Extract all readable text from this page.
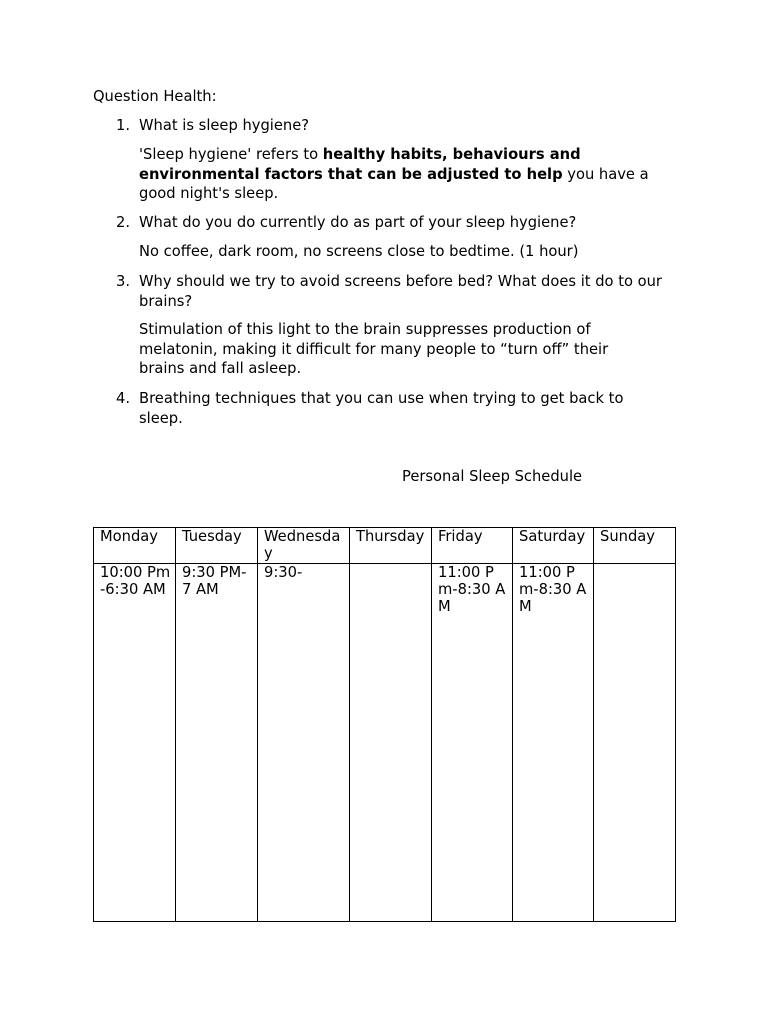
Question Health:
1. What is sleep hygiene?
'Sleep hygiene' refers to healthy habits, behaviours and environmental factors that can be adjusted to help you have a good night's sleep.
2. What do you do currently do as part of your sleep hygiene?
No coffee, dark room, no screens close to bedtime. (1 hour)
3. Why should we try to avoid screens before bed? What does it do to our brains?
Stimulation of this light to the brain suppresses production of melatonin, making it difficult for many people to “turn off” their brains and fall asleep.
4. Breathing techniques that you can use when trying to get back to sleep.
Personal Sleep Schedule
Monday	Tuesday	Wednesday	Thursday	Friday	Saturday	Sunday
10:00 Pm-6:30 AM	9:30 PM- 7 AM	9:30-		11:00 Pm-8:30 AM	11:00 Pm-8:30 AM	
